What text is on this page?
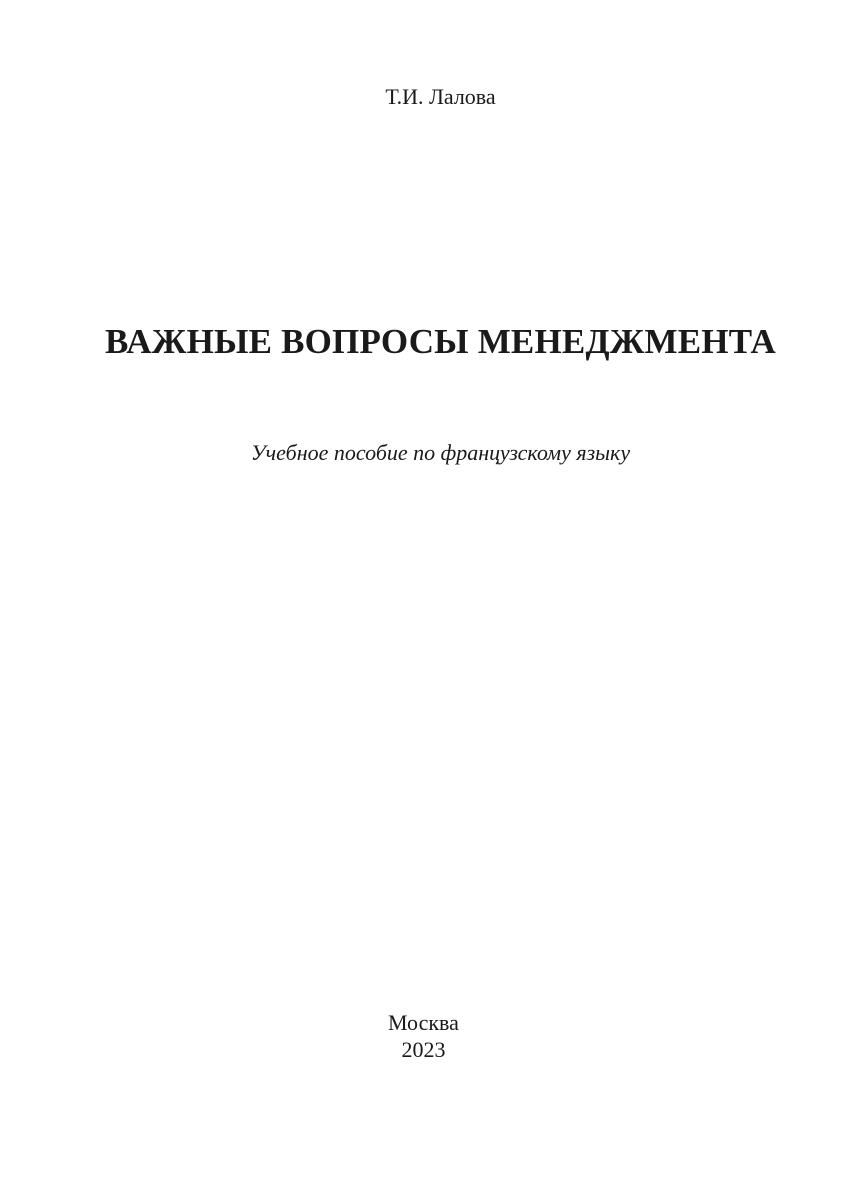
Т.И. Лалова
ВАЖНЫЕ ВОПРОСЫ МЕНЕДЖМЕНТА
Учебное пособие по французскому языку
Москва
2023
